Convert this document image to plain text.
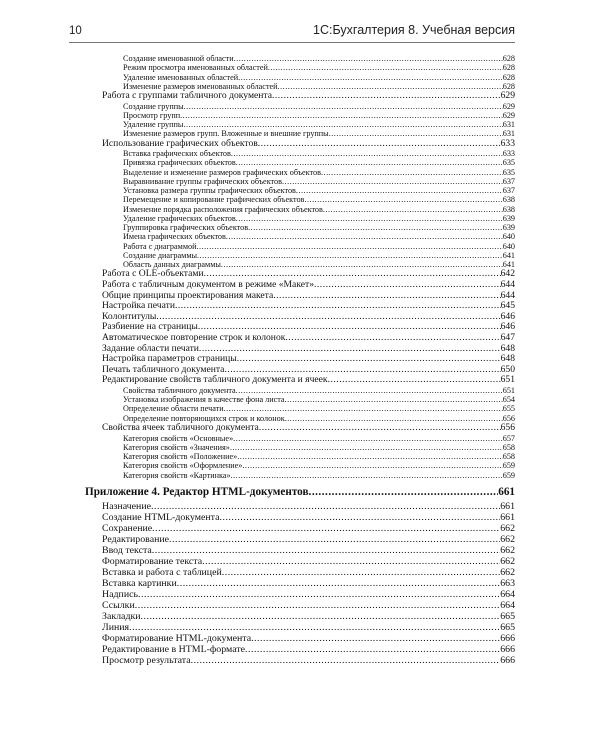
10	1С:Бухгалтерия 8. Учебная версия
Создание именованной области .....	628
Режим просмотра именованных областей .....	628
Удаление именованных областей .....	628
Изменение размеров именованных областей .....	628
Работа с группами табличного документа .....	629
Создание группы .....	629
Просмотр групп .....	629
Удаление группы .....	631
Изменение размеров групп. Вложенные и внешние группы .....	631
Использование графических объектов .....	633
Вставка графических объектов .....	633
Привязка графических объектов .....	635
Выделение и изменение размеров графических объектов .....	635
Выравнивание группы графических объектов .....	637
Установка размера группы графических объектов .....	637
Перемещение и копирование графических объектов .....	638
Изменение порядка расположения графических объектов .....	638
Удаление графических объектов .....	639
Группировка графических объектов .....	639
Имена графических объектов .....	640
Работа с диаграммой .....	640
Создание диаграммы .....	641
Область данных диаграммы .....	641
Работа с OLE-объектами .....	642
Работа с табличным документом в режиме «Макет» .....	644
Общие принципы проектирования макета .....	644
Настройка печати .....	645
Колонтитулы .....	646
Разбиение на страницы .....	646
Автоматическое повторение строк и колонок .....	647
Задание области печати .....	648
Настройка параметров страницы .....	648
Печать табличного документа .....	650
Редактирование свойств табличного документа и ячеек .....	651
Свойства табличного документа .....	651
Установка изображения в качестве фона листа .....	654
Определение области печати .....	655
Определение повторяющихся строк и колонок .....	656
Свойства ячеек табличного документа .....	656
Категория свойств «Основные» .....	657
Категория свойств «Значения» .....	658
Категория свойств «Положение» .....	658
Категория свойств «Оформление» .....	659
Категория свойств «Картинка» .....	659
Приложение 4. Редактор HTML-документов .....	661
Назначение .....	661
Создание HTML-документа .....	661
Сохранение .....	662
Редактирование .....	662
Ввод текста .....	662
Форматирование текста .....	662
Вставка и работа с таблицей .....	662
Вставка картинки .....	663
Надпись .....	664
Ссылки .....	664
Закладки .....	665
Линия .....	665
Форматирование HTML-документа .....	666
Редактирование в HTML-формате .....	666
Просмотр результата .....	666
